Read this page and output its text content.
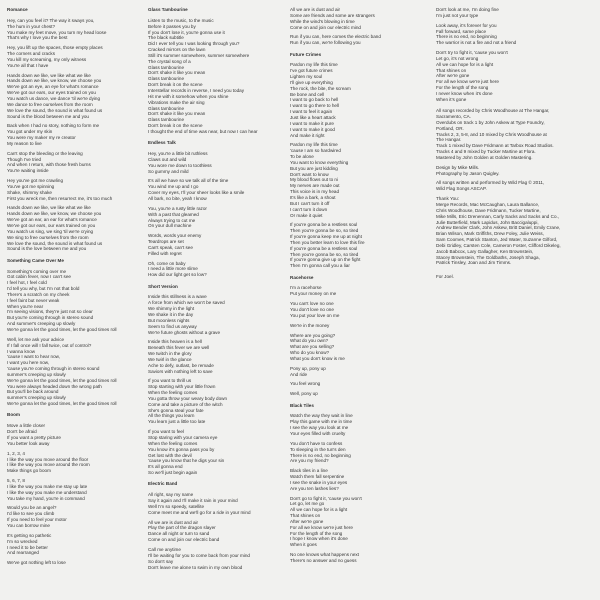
Romance
Hey, can you feel it? The way it sways you,
The hum in your chest?
You make my feet move, you turn my head loose
That's why I love you the best
Hey, you lift up the spaces, those empty places
The corners and cracks
You kill my screaming, my only witness
You're all that I have
Hands down we like, we like what we like
Hands down we like, we know, we choose you
We've got an eye, an eye for what's romance
We've got our ears, our eyes trained on you
You watch us dance, we dance 'til we're dying
We dance to free ourselves from the room
We love the sound, the sound is what found us
Sound is the blood between me and you
Back when I had no story, nothing to form me
You got under my skin
You were my maker my re creator
My reason to live
Can't stop the bleeding or the leaving
Though I've tried
And when I return, with those fresh burns
You're waiting inside
Hey you've got me crawling
You've got me spinning
Shake, shimmy shake
First you wreck me, then resurrect me, it's too much
Hands down we like, we like what we like
Hands down we like, we know, we choose you
We've got an ear, an ear for what's romance
We've got our ears, our ears trained on you
You watch us sing, we sing 'til we're crying
We sing to free ourselves from the room
We love the sound, the sound is what found us
Sound is the love between me and you
Something Came Over Me
Something's coming over me
Got cabin fever, now I can't see
I feel hot, I feel cold
I'd tell you why, but I'm not that bold
There's a scratch on my cheek
I feel faint but never weak
When you're near
I'm seeing visions, they're just not so clear
But you're coming through in stereo sound
And summer's creeping up slowly
We're gonna let the good times, let the good times roll
Well, let me ask your advice
If I fall once will I fall twice, out of control?
I wanna know
'cause I want to hear now,
I want you here now,
'cause you're coming through in stereo sound
summer's creeping up slowly
We're gonna let the good times, let the good times roll
You were always headed down the wrong path
But you'll be back around
summer's creeping up slowly
We're gonna let the good times, let the good times roll
Boom
Move a little closer
Don't be afraid
If you want a pretty picture
You better look away
1, 2, 3, 4
I like the way you move around the floor
I like the way you move around the room
Make things go boom
5, 6, 7, 8
I like the way you make me stay up late
I like the way you make me understand
You take my hand, you're in command
Would you be an angel?
I'd like to see you climb
If you need to feel your motor
You can borrow mine
It's getting so pathetic
I'm so wrecked
I need it to be better
And rearranged
We've got nothing left to lose
Glass Tambourine
Listen to the music, to the music
Before it passes you by
If you don't lose it, you're gonna use it
The black subtitle
Did I ever tell you I was looking through you?
Cracked mirrors on the lawn
Still it's summer somewhere, summer somewhere
The crystal song of a
Glass tambourine
Don't shake it like you mean
Glass tambourine
Don't break it on the scene
Interstellar records in reverse, I need you today
Hit me with it somehow when you shine
Vibrations make the air sing
Glass tambourine
Don't shake it like you mean
Glass tambourine
Don't break it on the scene
I thought the end of time was near, but now I can hear
Endless Talk
Hey, you're a little bit ruthless
Claws out and wild
You wore me down to toothless
So gummy and mild
It's all we have so we talk all of the time
You wind me up and I go
Cover my eyes, I'll your sheer looks like a smile
All bark, no bite, yeah I know
You, you're a rusty little razor
With a past that gleamed
Always trying to cut me
On your dull machine
Words, words your enemy
Teardrops are set
Can't speak, can't see
Filled with regret
Oh, come on baby
I need a little more slime
How did our light get so low?
Short Version
Inside this stillness is a wave
A force from which we won't be saved
We shimmy in the light
We shake it in the day
But moonless nights
Seem to find us anyway
We're future ghosts without a grave
Inside this heaven is a hell
Beneath this fever we are well
We twitch in the glory
We twirl in the glance
Ache to defy, outlast, be remade
Saviors with nothing left to save
If you want to thrill us
Stop starting with your little frown
When the feeling comes
You gotta throw your weary body down
Come and take a picture of the witch
She's gonna steal your fate
All the things you learn
You learn just a little too late
If you want to feel
Stop staring with your camera eye
When the feeling comes
You know it's gonna pass you by
Get lost with the devil
'cause you know that he digs your sin
It's all gonna end
So we'll just begin again
Electric Band
All right, say my name
Say it again and I'll make it rain in your mind
Well I'm so speedy, satellite
Come meet me and we'll go for a ride in your mind
All we are is dust and air
Play the part of the dragon slayer
Dance all night or turn to sand
Come on and join our electric band
Call me anytime
I'll be waiting for you to come back from your mind
So don't say
Don't leave me alone to swim in my own blood
All we are is dust and air
Some are friends and some are strangers
While the wind's blowing in time
Come on and join our electric mind
Run if you can, here comes the electric band
Run if you can, we're following you
Future Crimes
Pardon my life this time
I've got future crimes
Lighten my soul
I'll give up everything
The rock, the bite, the scream
Be bone and cell
I want to go back to hell
I want to go there to hell
I want to feel it again
Just like a heart attack
I want to make it pure
I want to make it good
And make it right
Pardon my life this time
'cause I am so hardwired
To be alone
You want to know everything
But you are just kidding
Don't want to know
My blood flows out to ni
My nerves are made out
This voice is in my head
It's like a bark, a shout
But I can't turn it off
I can't turn it down
Or make it quiet
If you're gonna be a restless soul
Then you're gonna be so, so tired
If you're gonna keep me up at night
Then you better learn to love this fire
If you're gonna be a restless soul
Then you're gonna be so, so tired
If you're gonna give up on the fight
Then I'm gonna call you a liar
Racehorse
I'm a racehorse
Put your money on me
You can't love no one
You don't love no one
You put your love on me
We're in the money
Where are you going?
What do you own?
What are you selling?
Who do you know?
What you don't know is me
Pony up, pony up
And ride
You feel wrong
Well, pony up
Black Tiles
Watch the way they wait in line
Play this game with me in time
I see the way you look at me
Your eyes filled with cruelty
You don't have to confess
To sleeping in the tun's den
There is no end, no beginning
Are you my friend?
Black tiles in a line
Watch them fall serpentine
I see the snake in your eyes
Are you ten lashes lies?
Don't go to fight it, 'cause you won't
Let go, let me go
All we can hope for is a light
That shines on
After we're gone
For all we know we're just here
For the length of the song
I hope I know when it's done
When it goes
No one knows what happens next
There's no answer and no guess
Don't look at me, I'm doing fine
I'm just not your type
Look away, it's forever for you
Fall forward, same place
There is no end, no beginning
The warrior is not a fire and not a friend
Don't try to fight it, 'cause you won't
Let go, it's not wrong
All we can hope for is a light
That shines on
After we're gone
For all we know we're just here
For the length of the song
I never know when it's done
When it's gone
All songs recorded by Chris Woodhouse at The Hangar,
Sacramento, CA.
Overdubs on track 1 by John Askew at Type Foundry,
Portland, OR.
Tracks 2, 3, 5-8, and 10 mixed by Chris Woodhouse at
The Hangar.
Track 1 mixed by Dave Fridmann at Tarbox Road Studios.
Tracks 4 and 9 mixed by Tucker Martine at Flora.
Mastered by John Golden at Golden Mastering.
Design by Mike Mills.
Photography by Jason Quigley.
All songs written and performed by Wild Flag © 2011,
Wild Flag Songs ASCAP.
Thank You:
Merge Records, Mac McCaughan, Laura Ballance,
Chris Woodhouse, Dave Fridmann, Tucker Martine,
Mike Mills, Eric Drenennan, Carly Sacks and Sacks and Co.,
Julie Butterfield, Mark Lapidus, John Baccigaluppi,
Andrew Bender Clark, John Askew, Britt Daniel, Emily Crane,
Brian Wilson, Mark Griffiths, Drew Foley, Julie Weiss,
Sam Coomes, Patrick Stanton, Jed Water, Suzanne Gilford,
Debi Gridley, Carsten Cole, Cameron Foster, Clifford Dikeleg,
Jacob Babcox, Lary Gallagher, Ken Brownstein,
Stacey Brownstein, The Goldbaths, Joseph Shaga,
Patrick Tinsley, Joan and Jim Timms.
For Joel.
